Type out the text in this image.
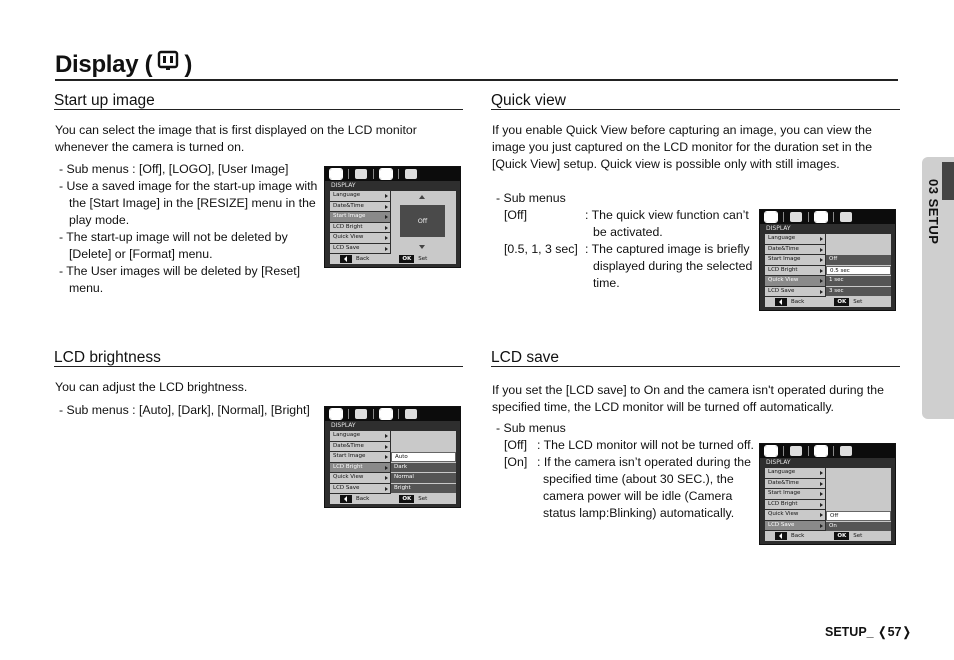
Display ( )
03 SETUP
Start up image
You can select the image that is first displayed on the LCD monitor whenever the camera is turned on.
- Sub menus : [Off], [LOGO], [User Image]
- Use a saved image for the start-up image with the [Start Image] in the [RESIZE] menu in the play mode.
- The start-up image will not be deleted by [Delete] or [Format] menu.
- The User images will be deleted by [Reset] menu.
DISPLAY
Language
Date&Time
Start Image
LCD Bright
Quick View
LCD Save
Off
Back	OK	Set
Quick view
If you enable Quick View before capturing an image, you can view the image you just captured on the LCD monitor for the duration set in the [Quick View] setup. Quick view is possible only with still images.
- Sub menus
[Off]	: The quick view function can’t be activated.
[0.5, 1, 3 sec] : The captured image is briefly displayed during the selected time.
DISPLAY
Language
Date&Time
Start Image
LCD Bright
Quick View
LCD Save
Off
0.5 sec
1 sec
3 sec
Back	OK	Set
LCD brightness
You can adjust the LCD brightness.
- Sub menus : [Auto], [Dark], [Normal], [Bright]
DISPLAY
Language
Date&Time
Start Image
LCD Bright
Quick View
LCD Save
Auto
Dark
Normal
Bright
Back	OK	Set
LCD save
If you set the [LCD save] to On and the camera isn't operated during the specified time, the LCD monitor will be turned off automatically.
- Sub menus
[Off] : The LCD monitor will not be turned off.
[On] : If the camera isn’t operated during the specified time (about 30 SEC.), the camera power will be idle (Camera status lamp:Blinking) automatically.
DISPLAY
Language
Date&Time
Start Image
LCD Bright
Quick View
LCD Save
Off
On
Back	OK	Set
SETUP_ ❬57❭
